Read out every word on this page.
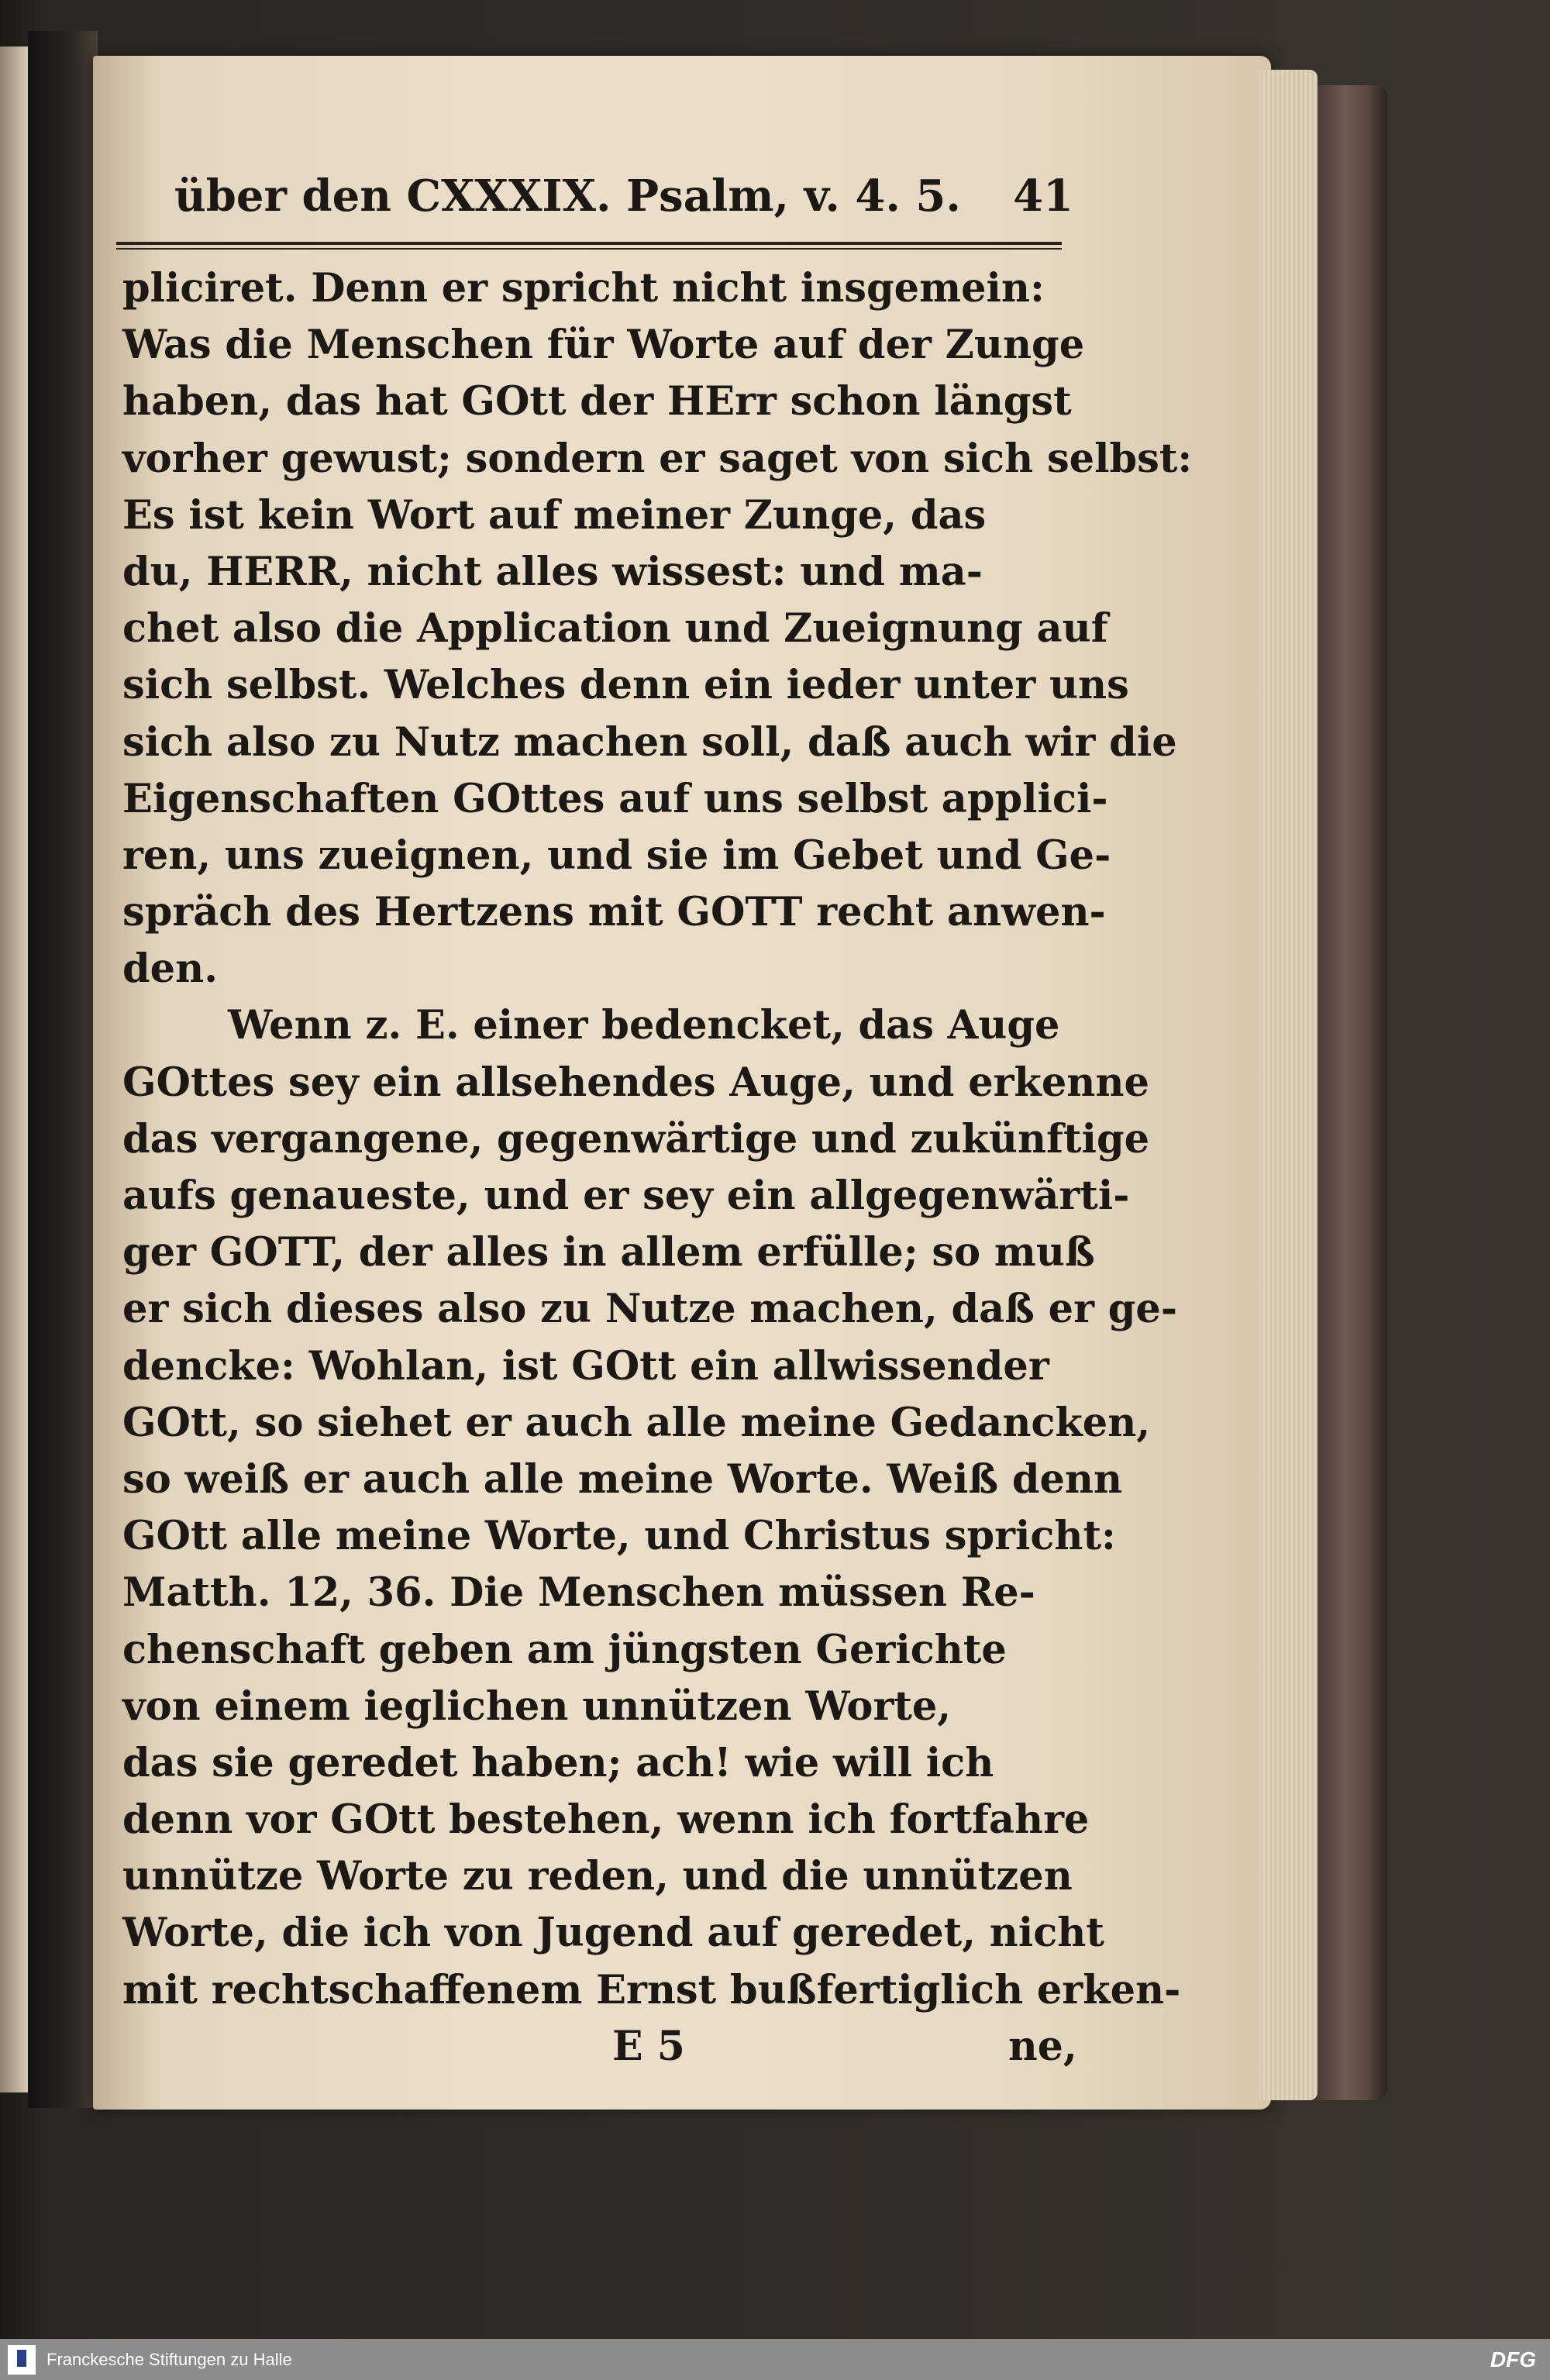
über den CXXXIX. Psalm, v. 4. 5. 41
pliciret. Denn er spricht nicht insgemein:
Was die Menschen für Worte auf der Zunge
haben, das hat GOtt der HErr schon längst
vorher gewust; sondern er saget von sich selbst:
Es ist kein Wort auf meiner Zunge, das
du, HERR, nicht alles wissest: und ma-
chet also die Application und Zueignung auf
sich selbst. Welches denn ein ieder unter uns
sich also zu Nutz machen soll, daß auch wir die
Eigenschaften GOttes auf uns selbst applici-
ren, uns zueignen, und sie im Gebet und Ge-
spräch des Hertzens mit GOTT recht anwen-
den.
Wenn z. E. einer bedencket, das Auge
GOttes sey ein allsehendes Auge, und erkenne
das vergangene, gegenwärtige und zukünftige
aufs genaueste, und er sey ein allgegenwärti-
ger GOTT, der alles in allem erfülle; so muß
er sich dieses also zu Nutze machen, daß er ge-
dencke: Wohlan, ist GOtt ein allwissender
GOtt, so siehet er auch alle meine Gedancken,
so weiß er auch alle meine Worte. Weiß denn
GOtt alle meine Worte, und Christus spricht:
Matth. 12, 36. Die Menschen müssen Re-
chenschaft geben am jüngsten Gerichte
von einem ieglichen unnützen Worte,
das sie geredet haben; ach! wie will ich
denn vor GOtt bestehen, wenn ich fortfahre
unnütze Worte zu reden, und die unnützen
Worte, die ich von Jugend auf geredet, nicht
mit rechtschaffenem Ernst bußfertiglich erken-
E 5	ne,
Franckesche Stiftungen zu Halle	DFG
